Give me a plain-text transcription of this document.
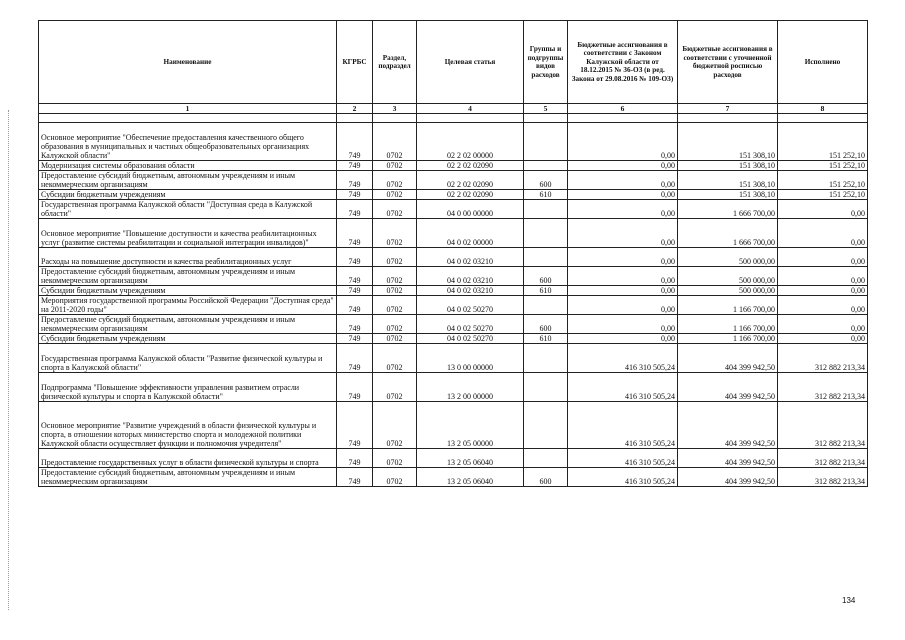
Наименование	КГРБС	Раздел, подраздел	Целевая статья	Группы и подгруппы видов расходов	Бюджетные ассигнования в соответствии с Законом Калужской области от 18.12.2015 № 36-ОЗ (в ред. Закона от 29.08.2016 № 109-ОЗ)	Бюджетные ассигнования в соответствии с уточненной бюджетной росписью расходов	Исполнено
1	2	3	4	5	6	7	8

Основное мероприятие "Обеспечение предоставления качественного общего образования в муниципальных и частных общеобразовательных организациях Калужской области"	749	0702	02 2 02 00000		0,00	151 308,10	151 252,10
Модернизация системы образования области	749	0702	02 2 02 02090		0,00	151 308,10	151 252,10
Предоставление субсидий бюджетным, автономным учреждениям и иным некоммерческим организациям	749	0702	02 2 02 02090	600	0,00	151 308,10	151 252,10
Субсидии бюджетным учреждениям	749	0702	02 2 02 02090	610	0,00	151 308,10	151 252,10
Государственная программа Калужской области "Доступная среда в Калужской области"	749	0702	04 0 00 00000		0,00	1 666 700,00	0,00
Основное мероприятие "Повышение доступности и качества реабилитационных услуг (развитие системы реабилитации и социальной интеграции инвалидов)"	749	0702	04 0 02 00000		0,00	1 666 700,00	0,00
Расходы на повышение доступности и качества реабилитационных услуг	749	0702	04 0 02 03210		0,00	500 000,00	0,00
Предоставление субсидий бюджетным, автономным учреждениям и иным некоммерческим организациям	749	0702	04 0 02 03210	600	0,00	500 000,00	0,00
Субсидии бюджетным учреждениям	749	0702	04 0 02 03210	610	0,00	500 000,00	0,00
Мероприятия государственной программы Российской Федерации "Доступная среда" на 2011-2020 годы"	749	0702	04 0 02 50270		0,00	1 166 700,00	0,00
Предоставление субсидий бюджетным, автономным учреждениям и иным некоммерческим организациям	749	0702	04 0 02 50270	600	0,00	1 166 700,00	0,00
Субсидии бюджетным учреждениям	749	0702	04 0 02 50270	610	0,00	1 166 700,00	0,00
Государственная программа Калужской области "Развитие физической культуры и спорта в Калужской области"	749	0702	13 0 00 00000		416 310 505,24	404 399 942,50	312 882 213,34
Подпрограмма "Повышение эффективности управления развитием отрасли физической культуры и спорта в Калужской области"	749	0702	13 2 00 00000		416 310 505,24	404 399 942,50	312 882 213,34
Основное мероприятие "Развитие учреждений в области физической культуры и спорта, в отношении которых министерство спорта и молодежной политики Калужской области осуществляет функции и полномочия учредителя"	749	0702	13 2 05 00000		416 310 505,24	404 399 942,50	312 882 213,34
Предоставление государственных услуг в области физической культуры и спорта	749	0702	13 2 05 06040		416 310 505,24	404 399 942,50	312 882 213,34
Предоставление субсидий бюджетным, автономным учреждениям и иным некоммерческим организациям	749	0702	13 2 05 06040	600	416 310 505,24	404 399 942,50	312 882 213,34
134
